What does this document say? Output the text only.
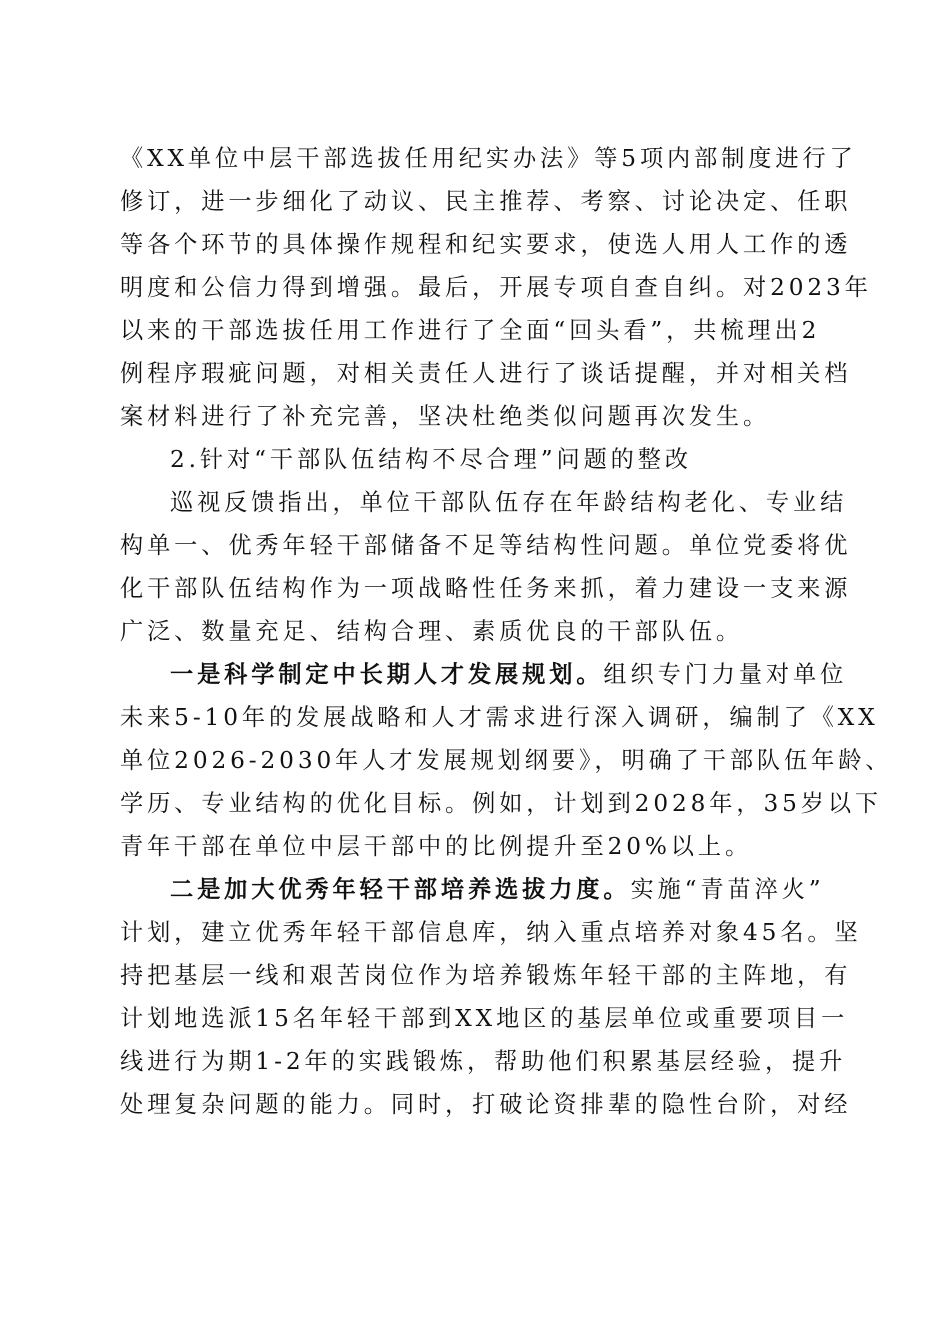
《XX单位中层干部选拔任用纪实办法》等5项内部制度进行了
修订，进一步细化了动议、民主推荐、考察、讨论决定、任职
等各个环节的具体操作规程和纪实要求，使选人用人工作的透
明度和公信力得到增强。最后，开展专项自查自纠。对2023年
以来的干部选拔任用工作进行了全面“回头看”，共梳理出2
例程序瑕疵问题，对相关责任人进行了谈话提醒，并对相关档
案材料进行了补充完善，坚决杜绝类似问题再次发生。
2.针对“干部队伍结构不尽合理”问题的整改
巡视反馈指出，单位干部队伍存在年龄结构老化、专业结
构单一、优秀年轻干部储备不足等结构性问题。单位党委将优
化干部队伍结构作为一项战略性任务来抓，着力建设一支来源
广泛、数量充足、结构合理、素质优良的干部队伍。
一是科学制定中长期人才发展规划。组织专门力量对单位
未来5-10年的发展战略和人才需求进行深入调研，编制了《XX
单位2026-2030年人才发展规划纲要》，明确了干部队伍年龄、
学历、专业结构的优化目标。例如，计划到2028年，35岁以下
青年干部在单位中层干部中的比例提升至20%以上。
二是加大优秀年轻干部培养选拔力度。实施“青苗淬火”
计划，建立优秀年轻干部信息库，纳入重点培养对象45名。坚
持把基层一线和艰苦岗位作为培养锻炼年轻干部的主阵地，有
计划地选派15名年轻干部到XX地区的基层单位或重要项目一
线进行为期1-2年的实践锻炼，帮助他们积累基层经验，提升
处理复杂问题的能力。同时，打破论资排辈的隐性台阶，对经
